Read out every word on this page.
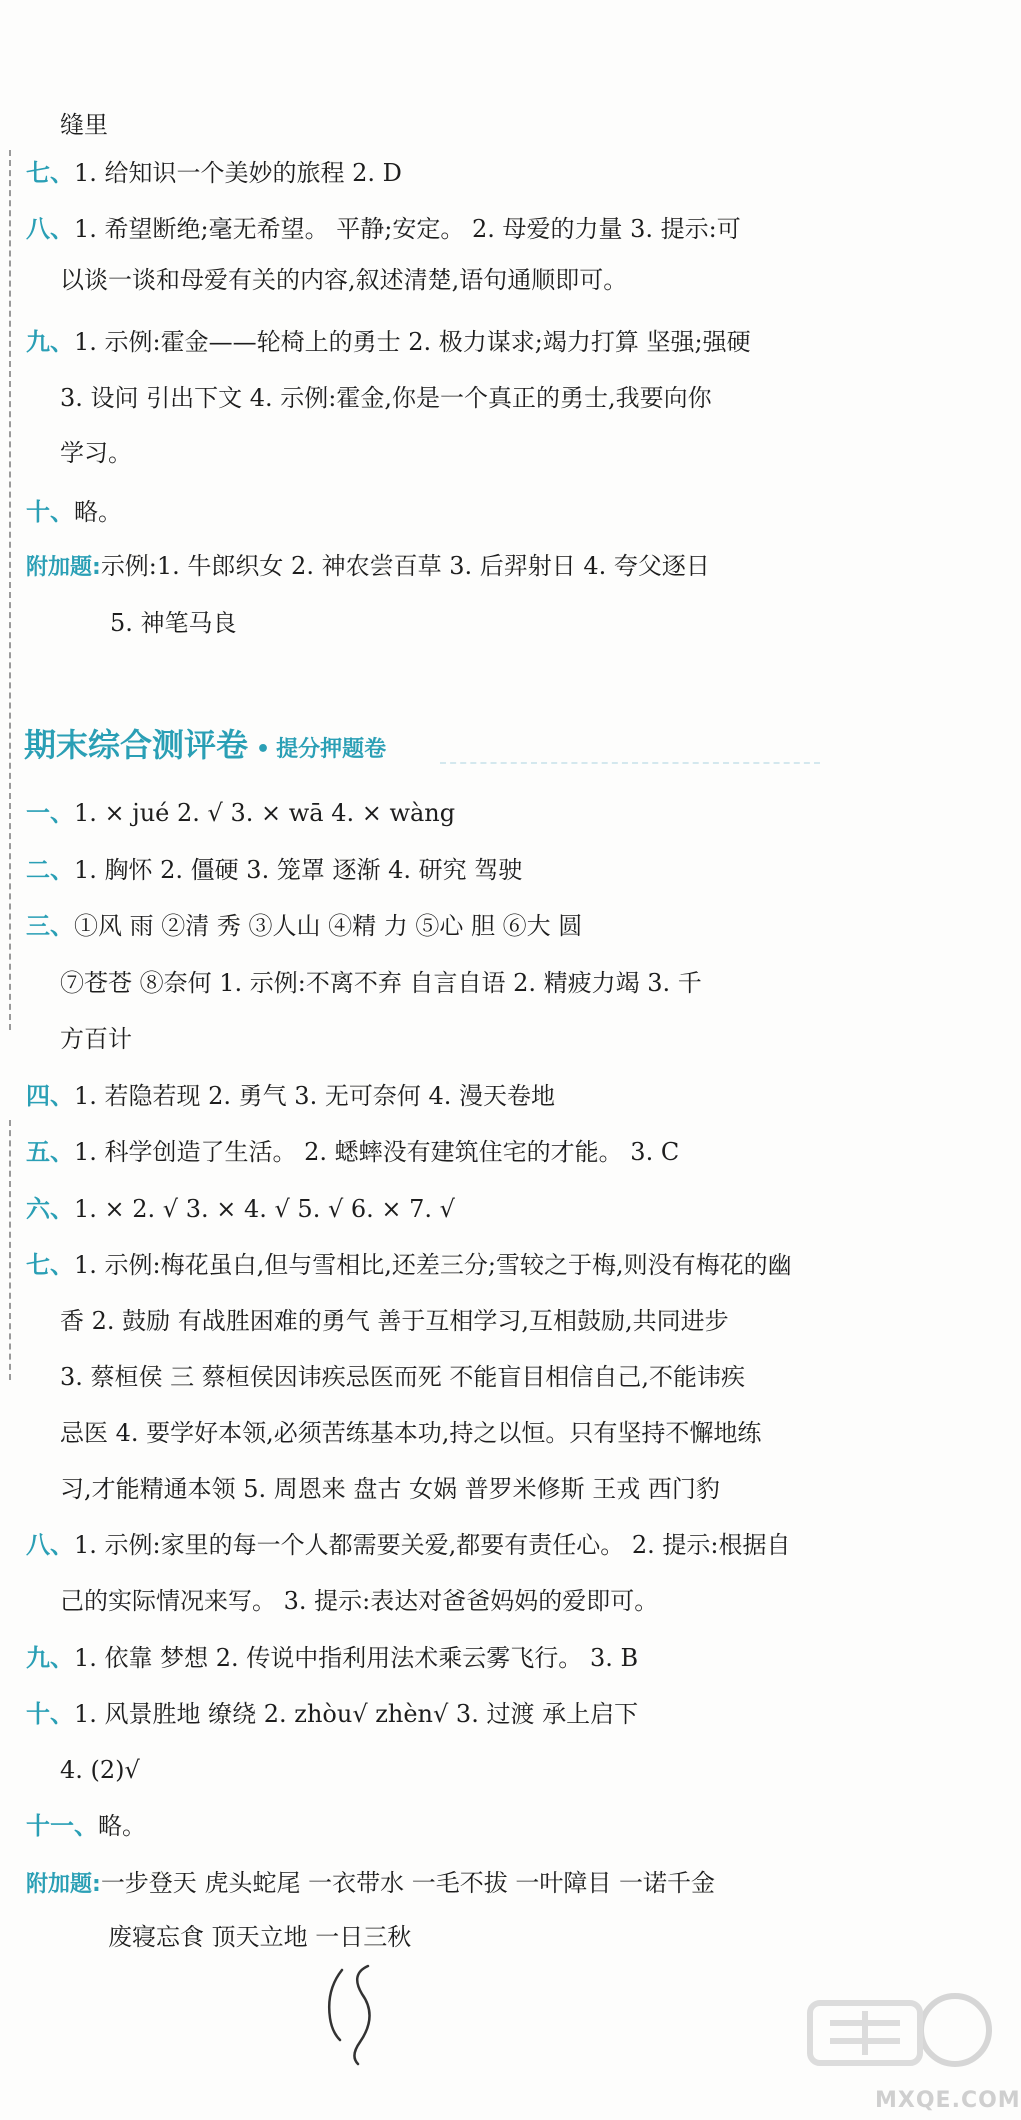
缝里
七、1. 给知识一个美妙的旅程 2. D
八、1. 希望断绝;毫无希望。 平静;安定。 2. 母爱的力量 3. 提示:可
以谈一谈和母爱有关的内容,叙述清楚,语句通顺即可。
九、1. 示例:霍金——轮椅上的勇士 2. 极力谋求;竭力打算 坚强;强硬
3. 设问 引出下文 4. 示例:霍金,你是一个真正的勇士,我要向你
学习。
十、略。
附加题:示例:1. 牛郎织女 2. 神农尝百草 3. 后羿射日 4. 夸父逐日
5. 神笔马良
期末综合测评卷 • 提分押题卷
一、1. × jué 2. √ 3. × wā 4. × wàng
二、1. 胸怀 2. 僵硬 3. 笼罩 逐渐 4. 研究 驾驶
三、①风 雨 ②清 秀 ③人山 ④精 力 ⑤心 胆 ⑥大 圆
⑦苍苍 ⑧奈何 1. 示例:不离不弃 自言自语 2. 精疲力竭 3. 千
方百计
四、1. 若隐若现 2. 勇气 3. 无可奈何 4. 漫天卷地
五、1. 科学创造了生活。 2. 蟋蟀没有建筑住宅的才能。 3. C
六、1. × 2. √ 3. × 4. √ 5. √ 6. × 7. √
七、1. 示例:梅花虽白,但与雪相比,还差三分;雪较之于梅,则没有梅花的幽
香 2. 鼓励 有战胜困难的勇气 善于互相学习,互相鼓励,共同进步
3. 蔡桓侯 三 蔡桓侯因讳疾忌医而死 不能盲目相信自己,不能讳疾
忌医 4. 要学好本领,必须苦练基本功,持之以恒。只有坚持不懈地练
习,才能精通本领 5. 周恩来 盘古 女娲 普罗米修斯 王戎 西门豹
八、1. 示例:家里的每一个人都需要关爱,都要有责任心。 2. 提示:根据自
己的实际情况来写。 3. 提示:表达对爸爸妈妈的爱即可。
九、1. 依靠 梦想 2. 传说中指利用法术乘云雾飞行。 3. B
十、1. 风景胜地 缭绕 2. zhòu√ zhèn√ 3. 过渡 承上启下
4. (2)√
十一、略。
附加题:一步登天 虎头蛇尾 一衣带水 一毛不拔 一叶障目 一诺千金
废寝忘食 顶天立地 一日三秋
MXQE.COM
